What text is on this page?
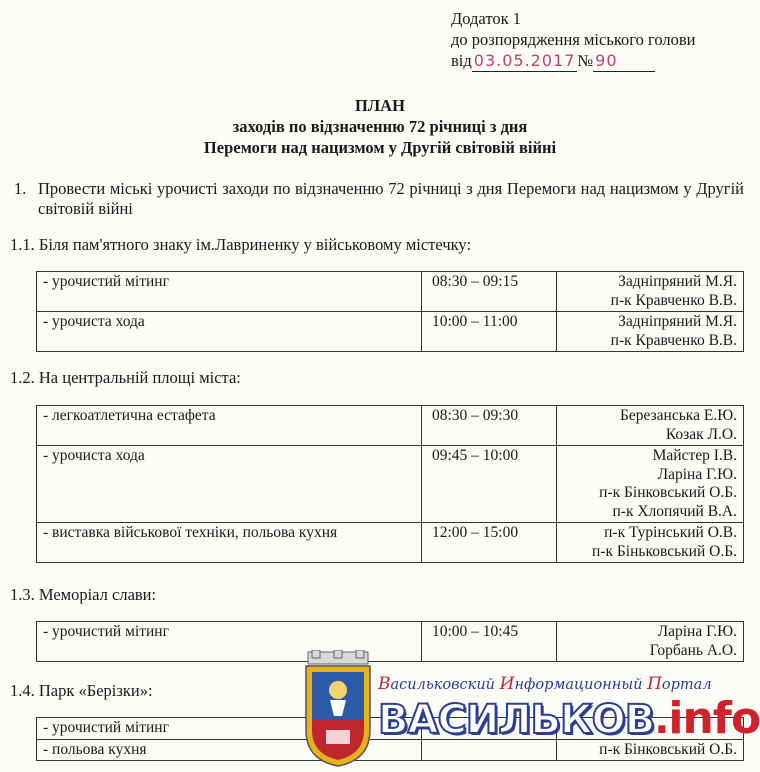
Додаток 1
до розпорядження міського голови
від 03.05.2017 № 90
ПЛАН
заходів по відзначенню 72 річниці з дня
Перемоги над нацизмом у Другій світовій війні
1. Провести міські урочисті заходи по відзначенню 72 річниці з дня Перемоги над нацизмом у Другій світовій війні
1.1. Біля пам'ятного знаку ім.Лавриненку у військовому містечку:
- урочистий мітинг	08:30 – 09:15	Задніпряний М.Я.
п-к Кравченко В.В.

- урочиста хода	10:00 – 11:00	Задніпряний М.Я.
п-к Кравченко В.В.
1.2. На центральній площі міста:
- легкоатлетична естафета	08:30 – 09:30	Березанська Е.Ю.
Козак Л.О.

- урочиста хода	09:45 – 10:00	Майстер І.В.
Ларіна Г.Ю.
п-к Бінковський О.Б.
п-к Хлопячий В.А.

- виставка військової техніки, польова кухня	12:00 – 15:00	п-к Турінський О.В.
п-к Біньковський О.Б.
1.3. Меморіал слави:
- урочистий мітинг	10:00 – 10:45	Ларіна Г.Ю.
Горбань А.О.
1.4. Парк «Берізки»:
- урочистий мітинг		

- польова кухня		п-к Бінковський О.Б.
Васильковский Информационный Портал
ВАСИЛЬКОВ.info
